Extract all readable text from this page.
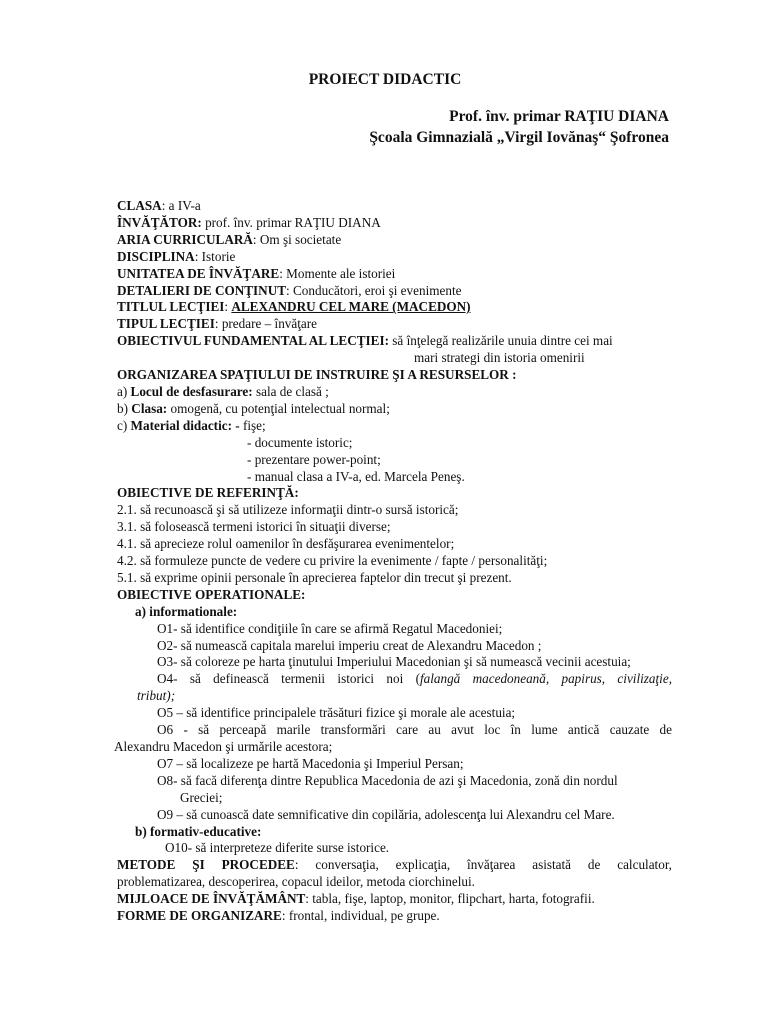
PROIECT DIDACTIC
Prof. înv. primar RAŢIU DIANA
Şcoala Gimnazială „Virgil Iovănaş“ Şofronea
CLASA: a IV-a
ÎNVĂŢĂTOR: prof. înv. primar RAŢIU DIANA
ARIA CURRICULARĂ: Om şi societate
DISCIPLINA: Istorie
UNITATEA DE ÎNVĂŢARE: Momente ale istoriei
DETALIERI DE CONŢINUT: Conducători, eroi şi evenimente
TITLUL LECŢIEI: ALEXANDRU CEL MARE (MACEDON)
TIPUL LECŢIEI: predare – învăţare
OBIECTIVUL FUNDAMENTAL AL LECŢIEI: să înţelegă realizările unuia dintre cei mai
mari strategi din istoria omenirii
ORGANIZAREA SPAŢIULUI DE INSTRUIRE ŞI A RESURSELOR :
a) Locul de desfasurare: sala de clasă ;
b) Clasa: omogenă, cu potenţial intelectual normal;
c) Material didactic: - fişe;
- documente istoric;
- prezentare power-point;
- manual clasa a IV-a, ed. Marcela Peneş.
OBIECTIVE DE REFERINŢĂ:
2.1. să recunoască şi să utilizeze informaţii dintr-o sursă istorică;
3.1. să folosească termeni istorici în situaţii diverse;
4.1. să aprecieze rolul oamenilor în desfăşurarea evenimentelor;
4.2. să formuleze puncte de vedere cu privire la evenimente / fapte / personalităţi;
5.1. să exprime opinii personale în aprecierea faptelor din trecut şi prezent.
OBIECTIVE OPERATIONALE:
a) informationale:
O1- să identifice condiţiile în care se afirmă Regatul Macedoniei;
O2- să numească capitala marelui imperiu creat de Alexandru Macedon ;
O3- să coloreze pe harta ţinutului Imperiului Macedonian şi să numească vecinii acestuia;
O4- să definească termenii istorici noi (falangă macedoneană, papirus, civilizaţie,
tribut);
O5 – să identifice principalele trăsături fizice şi morale ale acestuia;
O6 - să perceapă marile transformări care au avut loc în lume antică cauzate de
Alexandru Macedon şi urmările acestora;
O7 – să localizeze pe hartă Macedonia şi Imperiul Persan;
O8- să facă diferenţa dintre Republica Macedonia de azi şi Macedonia, zonă din nordul
Greciei;
O9 – să cunoască date semnificative din copilăria, adolescenţa lui Alexandru cel Mare.
b) formativ-educative:
O10- să interpreteze diferite surse istorice.
METODE ŞI PROCEDEE: conversaţia, explicaţia, învăţarea asistată de calculator,
problematizarea, descoperirea, copacul ideilor, metoda ciorchinelui.
MIJLOACE DE ÎNVĂŢĂMÂNT: tabla, fişe, laptop, monitor, flipchart, harta, fotografii.
FORME DE ORGANIZARE: frontal, individual, pe grupe.
